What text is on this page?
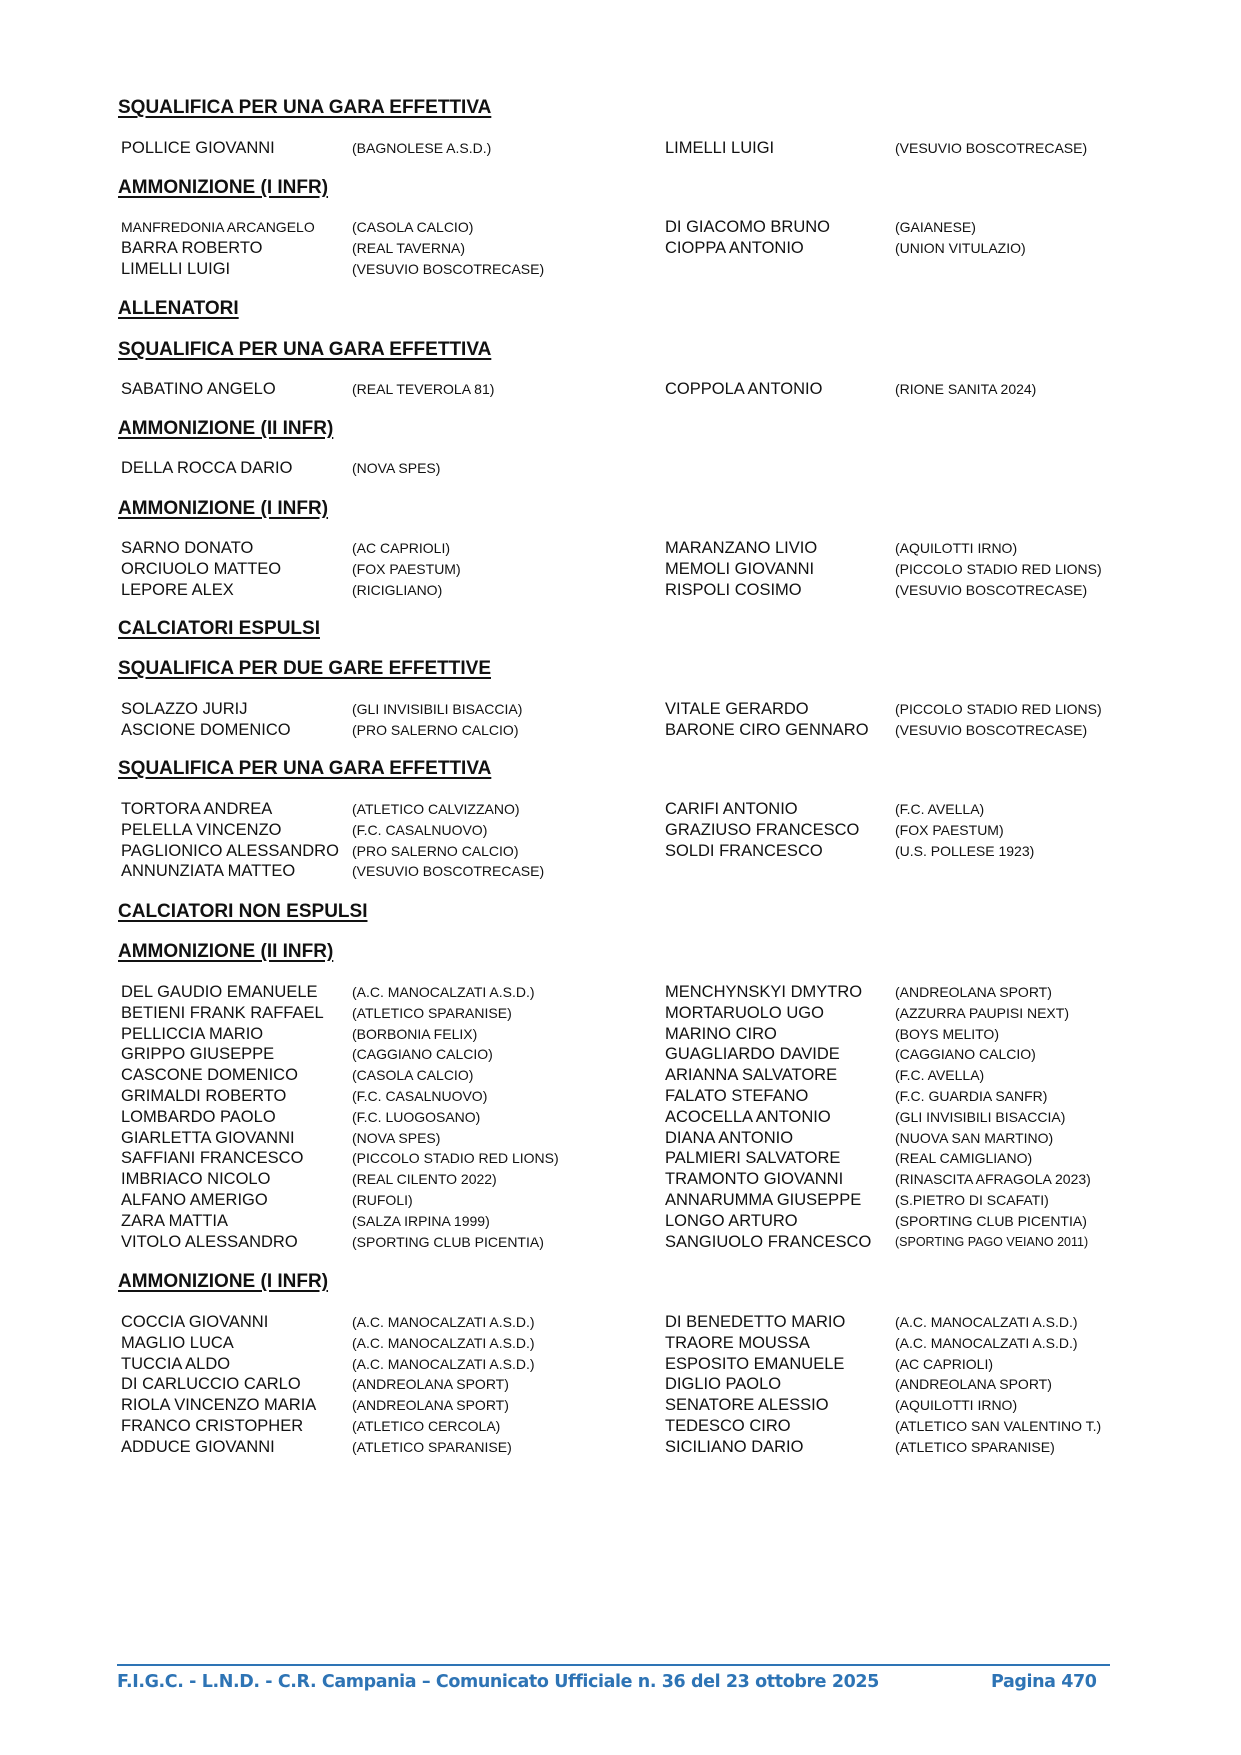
SQUALIFICA PER UNA GARA EFFETTIVA
POLLICE GIOVANNI	(BAGNOLESE A.S.D.)	LIMELLI LUIGI	(VESUVIO BOSCOTRECASE)
AMMONIZIONE (I INFR)
MANFREDONIA ARCANGELO	(CASOLA CALCIO)	DI GIACOMO BRUNO	(GAIANESE)
BARRA ROBERTO	(REAL TAVERNA)	CIOPPA ANTONIO	(UNION VITULAZIO)
LIMELLI LUIGI	(VESUVIO BOSCOTRECASE)
ALLENATORI
SQUALIFICA PER UNA GARA EFFETTIVA
SABATINO ANGELO	(REAL TEVEROLA 81)	COPPOLA ANTONIO	(RIONE SANITA 2024)
AMMONIZIONE (II INFR)
DELLA ROCCA DARIO	(NOVA SPES)
AMMONIZIONE (I INFR)
SARNO DONATO	(AC CAPRIOLI)	MARANZANO LIVIO	(AQUILOTTI IRNO)
ORCIUOLO MATTEO	(FOX PAESTUM)	MEMOLI GIOVANNI	(PICCOLO STADIO RED LIONS)
LEPORE ALEX	(RICIGLIANO)	RISPOLI COSIMO	(VESUVIO BOSCOTRECASE)
CALCIATORI ESPULSI
SQUALIFICA PER DUE GARE EFFETTIVE
SOLAZZO JURIJ	(GLI INVISIBILI BISACCIA)	VITALE GERARDO	(PICCOLO STADIO RED LIONS)
ASCIONE DOMENICO	(PRO SALERNO CALCIO)	BARONE CIRO GENNARO (VESUVIO BOSCOTRECASE)
SQUALIFICA PER UNA GARA EFFETTIVA
TORTORA ANDREA	(ATLETICO CALVIZZANO)	CARIFI ANTONIO	(F.C. AVELLA)
PELELLA VINCENZO	(F.C. CASALNUOVO)	GRAZIUSO FRANCESCO	(FOX PAESTUM)
PAGLIONICO ALESSANDRO (PRO SALERNO CALCIO)	SOLDI FRANCESCO	(U.S. POLLESE 1923)
ANNUNZIATA MATTEO	(VESUVIO BOSCOTRECASE)
CALCIATORI NON ESPULSI
AMMONIZIONE (II INFR)
DEL GAUDIO EMANUELE (A.C. MANOCALZATI A.S.D.)	MENCHYNSKYI DMYTRO (ANDREOLANA SPORT)
BETIENI FRANK RAFFAEL (ATLETICO SPARANISE)	MORTARUOLO UGO	(AZZURRA PAUPISI NEXT)
PELLICCIA MARIO	(BORBONIA FELIX)	MARINO CIRO	(BOYS MELITO)
GRIPPO GIUSEPPE	(CAGGIANO CALCIO)	GUAGLIARDO DAVIDE	(CAGGIANO CALCIO)
CASCONE DOMENICO	(CASOLA CALCIO)	ARIANNA SALVATORE	(F.C. AVELLA)
GRIMALDI ROBERTO	(F.C. CASALNUOVO)	FALATO STEFANO	(F.C. GUARDIA SANFR)
LOMBARDO PAOLO	(F.C. LUOGOSANO)	ACOCELLA ANTONIO	(GLI INVISIBILI BISACCIA)
GIARLETTA GIOVANNI	(NOVA SPES)	DIANA ANTONIO	(NUOVA SAN MARTINO)
SAFFIANI FRANCESCO	(PICCOLO STADIO RED LIONS)	PALMIERI SALVATORE	(REAL CAMIGLIANO)
IMBRIACO NICOLO	(REAL CILENTO 2022)	TRAMONTO GIOVANNI	(RINASCITA AFRAGOLA 2023)
ALFANO AMERIGO	(RUFOLI)	ANNARUMMA GIUSEPPE (S.PIETRO DI SCAFATI)
ZARA MATTIA	(SALZA IRPINA 1999)	LONGO ARTURO	(SPORTING CLUB PICENTIA)
VITOLO ALESSANDRO	(SPORTING CLUB PICENTIA)	SANGIUOLO FRANCESCO (SPORTING PAGO VEIANO 2011)
AMMONIZIONE (I INFR)
COCCIA GIOVANNI	(A.C. MANOCALZATI A.S.D.)	DI BENEDETTO MARIO	(A.C. MANOCALZATI A.S.D.)
MAGLIO LUCA	(A.C. MANOCALZATI A.S.D.)	TRAORE MOUSSA	(A.C. MANOCALZATI A.S.D.)
TUCCIA ALDO	(A.C. MANOCALZATI A.S.D.)	ESPOSITO EMANUELE	(AC CAPRIOLI)
DI CARLUCCIO CARLO	(ANDREOLANA SPORT)	DIGLIO PAOLO	(ANDREOLANA SPORT)
RIOLA VINCENZO MARIA	(ANDREOLANA SPORT)	SENATORE ALESSIO	(AQUILOTTI IRNO)
FRANCO CRISTOPHER	(ATLETICO CERCOLA)	TEDESCO CIRO	(ATLETICO SAN VALENTINO T.)
ADDUCE GIOVANNI	(ATLETICO SPARANISE)	SICILIANO DARIO	(ATLETICO SPARANISE)
F.I.G.C. - L.N.D. - C.R. Campania – Comunicato Ufficiale n. 36 del 23 ottobre 2025	Pagina 470
